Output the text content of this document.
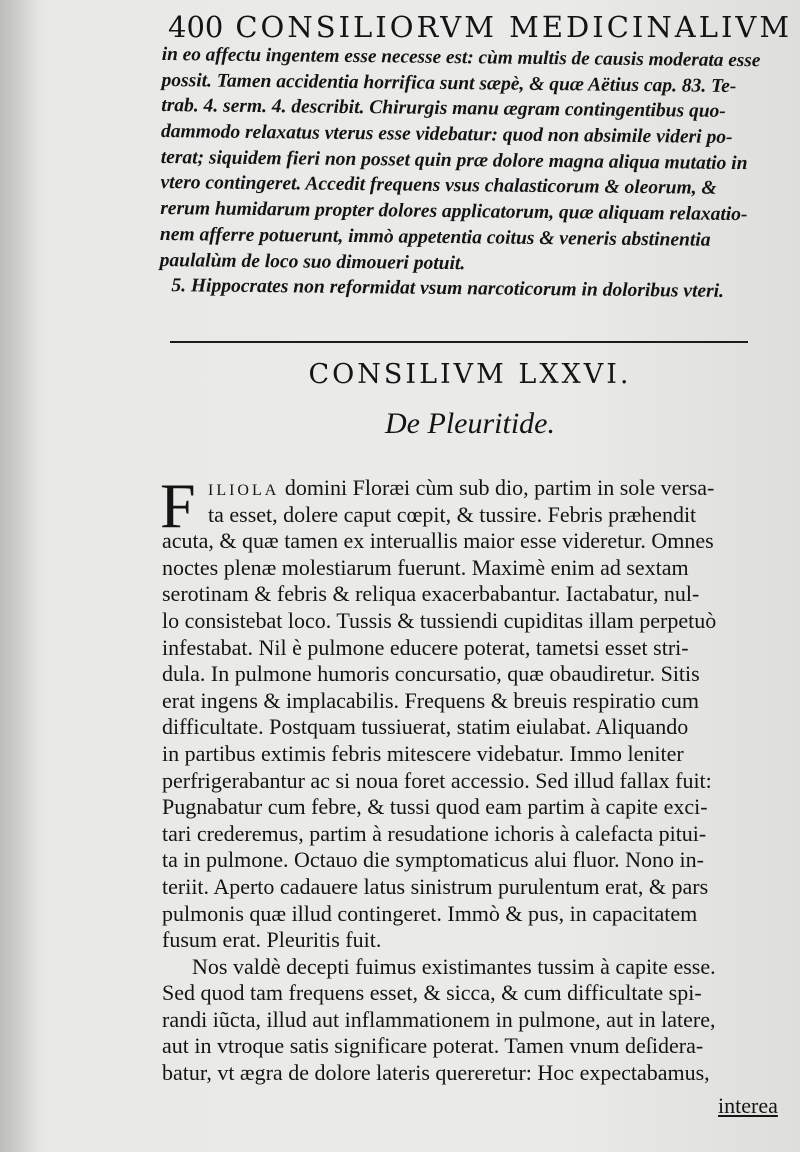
400 CONSILIORVM MEDICINALIVM
in eo affectu ingentem esse necesse est: cùm multis de causis moderata esse
possit. Tamen accidentia horrifica sunt sæpè, & quæ Aëtius cap. 83. Te-
trab. 4. serm. 4. describit. Chirurgis manu ægram contingentibus quo-
dammodo relaxatus vterus esse videbatur: quod non absimile videri po-
terat; siquidem fieri non posset quin præ dolore magna aliqua mutatio in
vtero contingeret. Accedit frequens vsus chalasticorum & oleorum, &
rerum humidarum propter dolores applicatorum, quæ aliquam relaxatio-
nem afferre potuerunt, immò appetentia coitus & veneris abstinentia
paulalùm de loco suo dimoueri potuit.
5. Hippocrates non reformidat vsum narcoticorum in doloribus vteri.
CONSILIVM LXXVI.
De Pleuritide.
F ILIOLA domini Floræi cùm sub dio, partim in sole versa-
ta esset, dolere caput cœpit, & tussire. Febris præhendit
acuta, & quæ tamen ex interuallis maior esse videretur. Omnes
noctes plenæ molestiarum fuerunt. Maximè enim ad sextam
serotinam & febris & reliqua exacerbabantur. Iactabatur, nul-
lo consistebat loco. Tussis & tussiendi cupiditas illam perpetuò
infestabat. Nil è pulmone educere poterat, tametsi esset stri-
dula. In pulmone humoris concursatio, quæ obaudiretur. Sitis
erat ingens & implacabilis. Frequens & breuis respiratio cum
difficultate. Postquam tussiuerat, statim eiulabat. Aliquando
in partibus extimis febris mitescere videbatur. Immo leniter
perfrigerabantur ac si noua foret accessio. Sed illud fallax fuit:
Pugnabatur cum febre, & tussi quod eam partim à capite exci-
tari crederemus, partim à resudatione ichoris à calefacta pitui-
ta in pulmone. Octauo die symptomaticus alui fluor. Nono in-
teriit. Aperto cadauere latus sinistrum purulentum erat, & pars
pulmonis quæ illud contingeret. Immò & pus, in capacitatem
fusum erat. Pleuritis fuit.
Nos valdè decepti fuimus existimantes tussim à capite esse.
Sed quod tam frequens esset, & sicca, & cum difficultate spi-
randi iũcta, illud aut inflammationem in pulmone, aut in latere,
aut in vtroque satis significare poterat. Tamen vnum deſidera-
batur, vt ægra de dolore lateris quereretur: Hoc expectabamus,
interea
